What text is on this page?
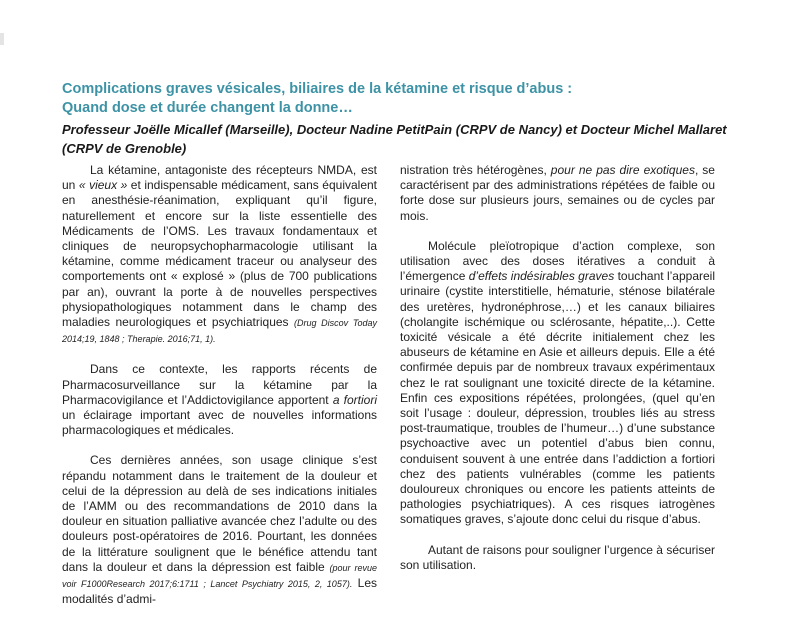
Complications graves vésicales, biliaires de la kétamine et risque d’abus :
Quand dose et durée changent la donne…
Professeur Joëlle Micallef (Marseille), Docteur Nadine PetitPain (CRPV de Nancy) et Docteur Michel Mallaret (CRPV de Grenoble)

La kétamine, antagoniste des récepteurs NMDA, est un « vieux » et indispensable médicament, sans équivalent en anesthésie-réanimation, expliquant qu’il figure, naturellement et encore sur la liste essentielle des Médicaments de l’OMS. Les travaux fondamentaux et cliniques de neuropsychopharmacologie utilisant la kétamine, comme médicament traceur ou analyseur des comportements ont « explosé » (plus de 700 publications par an), ouvrant la porte à de nouvelles perspectives physiopathologiques notamment dans le champ des maladies neurologiques et psychiatriques (Drug Discov Today 2014;19, 1848 ; Therapie. 2016;71, 1).

Dans ce contexte, les rapports récents de Pharmacosurveillance sur la kétamine par la Pharmacovigilance et l’Addictovigilance apportent a fortiori un éclairage important avec de nouvelles informations pharmacologiques et médicales.

Ces dernières années, son usage clinique s’est répandu notamment dans le traitement de la douleur et celui de la dépression au delà de ses indications initiales de l’AMM ou des recommandations de 2010 dans la douleur en situation palliative avancée chez l’adulte ou des douleurs post-opératoires de 2016. Pourtant, les données de la littérature soulignent que le bénéfice attendu tant dans la douleur et dans la dépression est faible (pour revue voir F1000Research 2017;6:1711 ; Lancet Psychiatry 2015, 2, 1057). Les modalités d’admi-

nistration très hétérogènes, pour ne pas dire exotiques, se caractérisent par des administrations répétées de faible ou forte dose sur plusieurs jours, semaines ou de cycles par mois.

Molécule pleïotropique d’action complexe, son utilisation avec des doses itératives a conduit à l’émergence d’effets indésirables graves touchant l’appareil urinaire (cystite interstitielle, hématurie, sténose bilatérale des uretères, hydronéphrose,…) et les canaux biliaires (cholangite ischémique ou sclérosante, hépatite,..). Cette toxicité vésicale a été décrite initialement chez les abuseurs de kétamine en Asie et ailleurs depuis. Elle a été confirmée depuis par de nombreux travaux expérimentaux chez le rat soulignant une toxicité directe de la kétamine. Enfin ces expositions répétées, prolongées, (quel qu’en soit l’usage : douleur, dépression, troubles liés au stress post-traumatique, troubles de l’humeur…) d’une substance psychoactive avec un potentiel d’abus bien connu, conduisent souvent à une entrée dans l’addiction a fortiori chez des patients vulnérables (comme les patients douloureux chroniques ou encore les patients atteints de pathologies psychiatriques). A ces risques iatrogènes somatiques graves, s’ajoute donc celui du risque d’abus.

Autant de raisons pour souligner l’urgence à sécuriser son utilisation.
